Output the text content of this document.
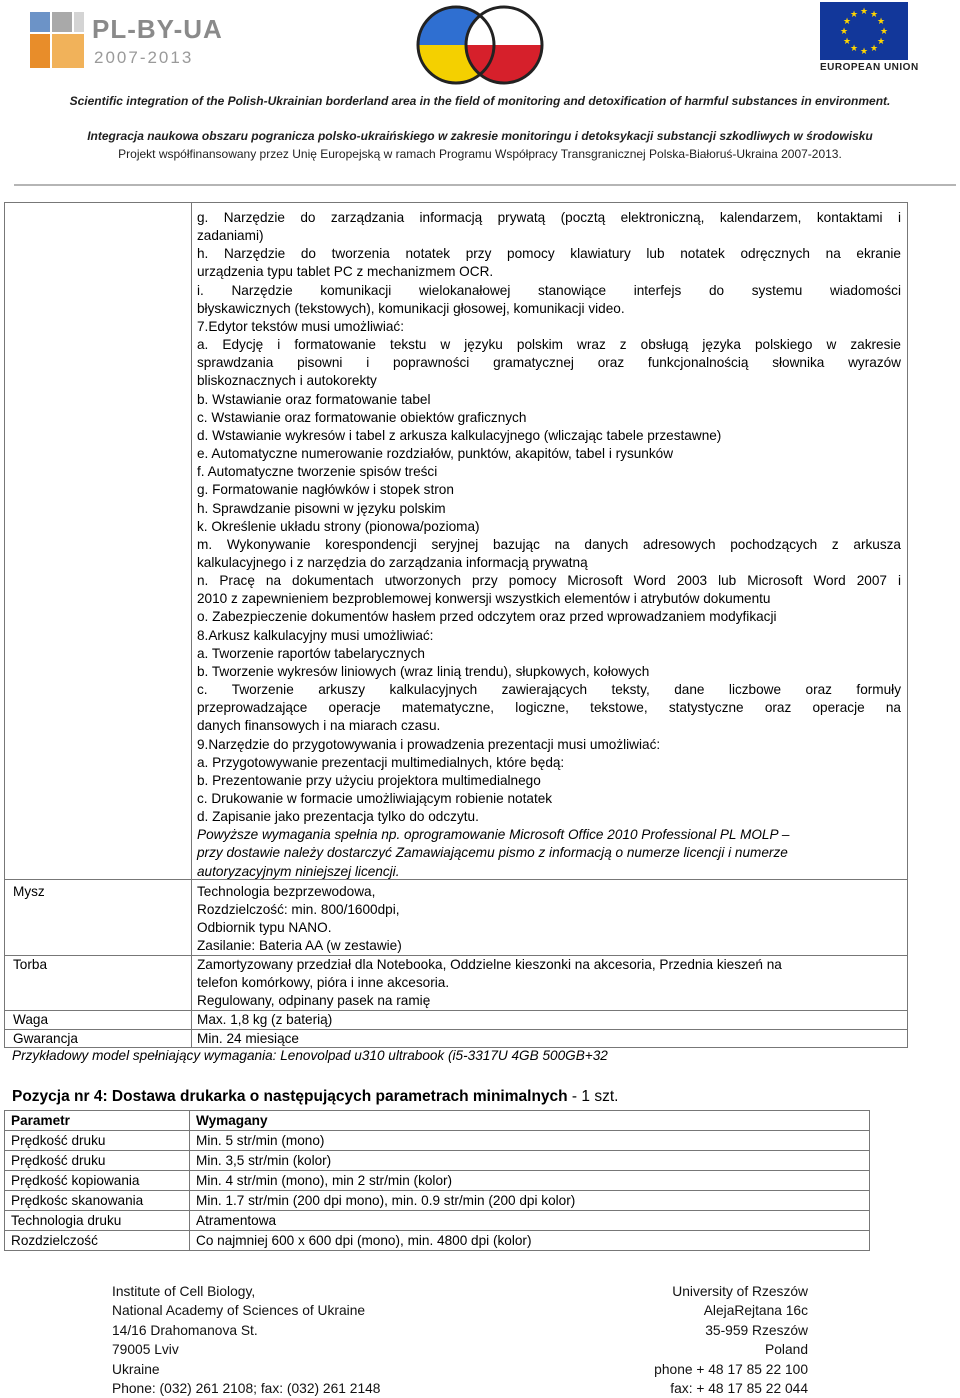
PL-BY-UA
2007-2013
★ ★
★
★
★
★
★
★
★
★
★
★
EUROPEAN UNION
Scientific integration of the Polish-Ukrainian borderland area in the field of monitoring and detoxification of harmful substances in environment.
Integracja naukowa obszaru pogranicza polsko-ukraińskiego w zakresie monitoringu i detoksykacji substancji szkodliwych w środowisku
Projekt współfinansowany przez Unię Europejską w ramach Programu Współpracy Transgranicznej Polska-Białoruś-Ukraina 2007-2013.
g. Narzędzie do zarządzania informacją prywatą (pocztą elektroniczną, kalendarzem, kontaktami i
zadaniami)
h. Narzędzie do tworzenia notatek przy pomocy klawiatury lub notatek odręcznych na ekranie
urządzenia typu tablet PC z mechanizmem OCR.
i. Narzędzie komunikacji wielokanałowej stanowiące interfejs do systemu wiadomości
błyskawicznych (tekstowych), komunikacji głosowej, komunikacji video.
7.Edytor tekstów musi umożliwiać:
a. Edycję i formatowanie tekstu w języku polskim wraz z obsługą języka polskiego w zakresie
sprawdzania pisowni i poprawności gramatycznej oraz funkcjonalnością słownika wyrazów
bliskoznacznych i autokorekty
b. Wstawianie oraz formatowanie tabel
c. Wstawianie oraz formatowanie obiektów graficznych
d. Wstawianie wykresów i tabel z arkusza kalkulacyjnego (wliczając tabele przestawne)
e. Automatyczne numerowanie rozdziałów, punktów, akapitów, tabel i rysunków
f. Automatyczne tworzenie spisów treści
g. Formatowanie nagłówków i stopek stron
h. Sprawdzanie pisowni w języku polskim
k. Określenie układu strony (pionowa/pozioma)
m. Wykonywanie korespondencji seryjnej bazując na danych adresowych pochodzących z arkusza
kalkulacyjnego i z narzędzia do zarządzania informacją prywatną
n. Pracę na dokumentach utworzonych przy pomocy Microsoft Word 2003 lub Microsoft Word 2007 i
2010 z zapewnieniem bezproblemowej konwersji wszystkich elementów i atrybutów dokumentu
o. Zabezpieczenie dokumentów hasłem przed odczytem oraz przed wprowadzaniem modyfikacji
8.Arkusz kalkulacyjny musi umożliwiać:
a. Tworzenie raportów tabelarycznych
b. Tworzenie wykresów liniowych (wraz linią trendu), słupkowych, kołowych
c. Tworzenie arkuszy kalkulacyjnych zawierających teksty, dane liczbowe oraz formuły
przeprowadzające operacje matematyczne, logiczne, tekstowe, statystyczne oraz operacje na
danych finansowych i na miarach czasu.
9.Narzędzie do przygotowywania i prowadzenia prezentacji musi umożliwiać:
a. Przygotowywanie prezentacji multimedialnych, które będą:
b. Prezentowanie przy użyciu projektora multimedialnego
c. Drukowanie w formacie umożliwiającym robienie notatek
d. Zapisanie jako prezentacja tylko do odczytu.
Powyższe wymagania spełnia np. oprogramowanie Microsoft Office 2010 Professional PL MOLP –
przy dostawie należy dostarczyć Zamawiającemu pismo z informacją o numerze licencji i numerze
autoryzacyjnym niniejszej licencji.
Mysz	Technologia bezprzewodowa,
Rozdzielczość: min. 800/1600dpi,
Odbiornik typu NANO.
Zasilanie: Bateria AA (w zestawie)
Torba	Zamortyzowany przedział dla Notebooka, Oddzielne kieszonki na akcesoria, Przednia kieszeń na
telefon komórkowy, pióra i inne akcesoria.
Regulowany, odpinany pasek na ramię
Waga	Max. 1,8 kg (z baterią)
Gwarancja	Min. 24 miesiące
Przykładowy model spełniający wymagania: Lenovolpad u310 ultrabook (i5-3317U 4GB 500GB+32
Pozycja nr 4: Dostawa drukarka o następujących parametrach minimalnych - 1 szt.
Parametr	Wymagany
Prędkość druku	Min. 5 str/min (mono)
Prędkość druku	Min. 3,5 str/min (kolor)
Prędkość kopiowania	Min. 4 str/min (mono), min 2 str/min (kolor)
Prędkośc skanowania	Min. 1.7 str/min (200 dpi mono), min. 0.9 str/min (200 dpi kolor)
Technologia druku	Atramentowa
Rozdzielczość	Co najmniej 600 x 600 dpi (mono), min. 4800 dpi (kolor)
Institute of Cell Biology,
National Academy of Sciences of Ukraine
14/16 Drahomanova St.
79005 Lviv
Ukraine
Phone: (032) 261 2108; fax: (032) 261 2148
University of Rzeszów
AlejaRejtana 16c
35-959 Rzeszów
Poland
phone + 48 17 85 22 100
fax: + 48 17 85 22 044
